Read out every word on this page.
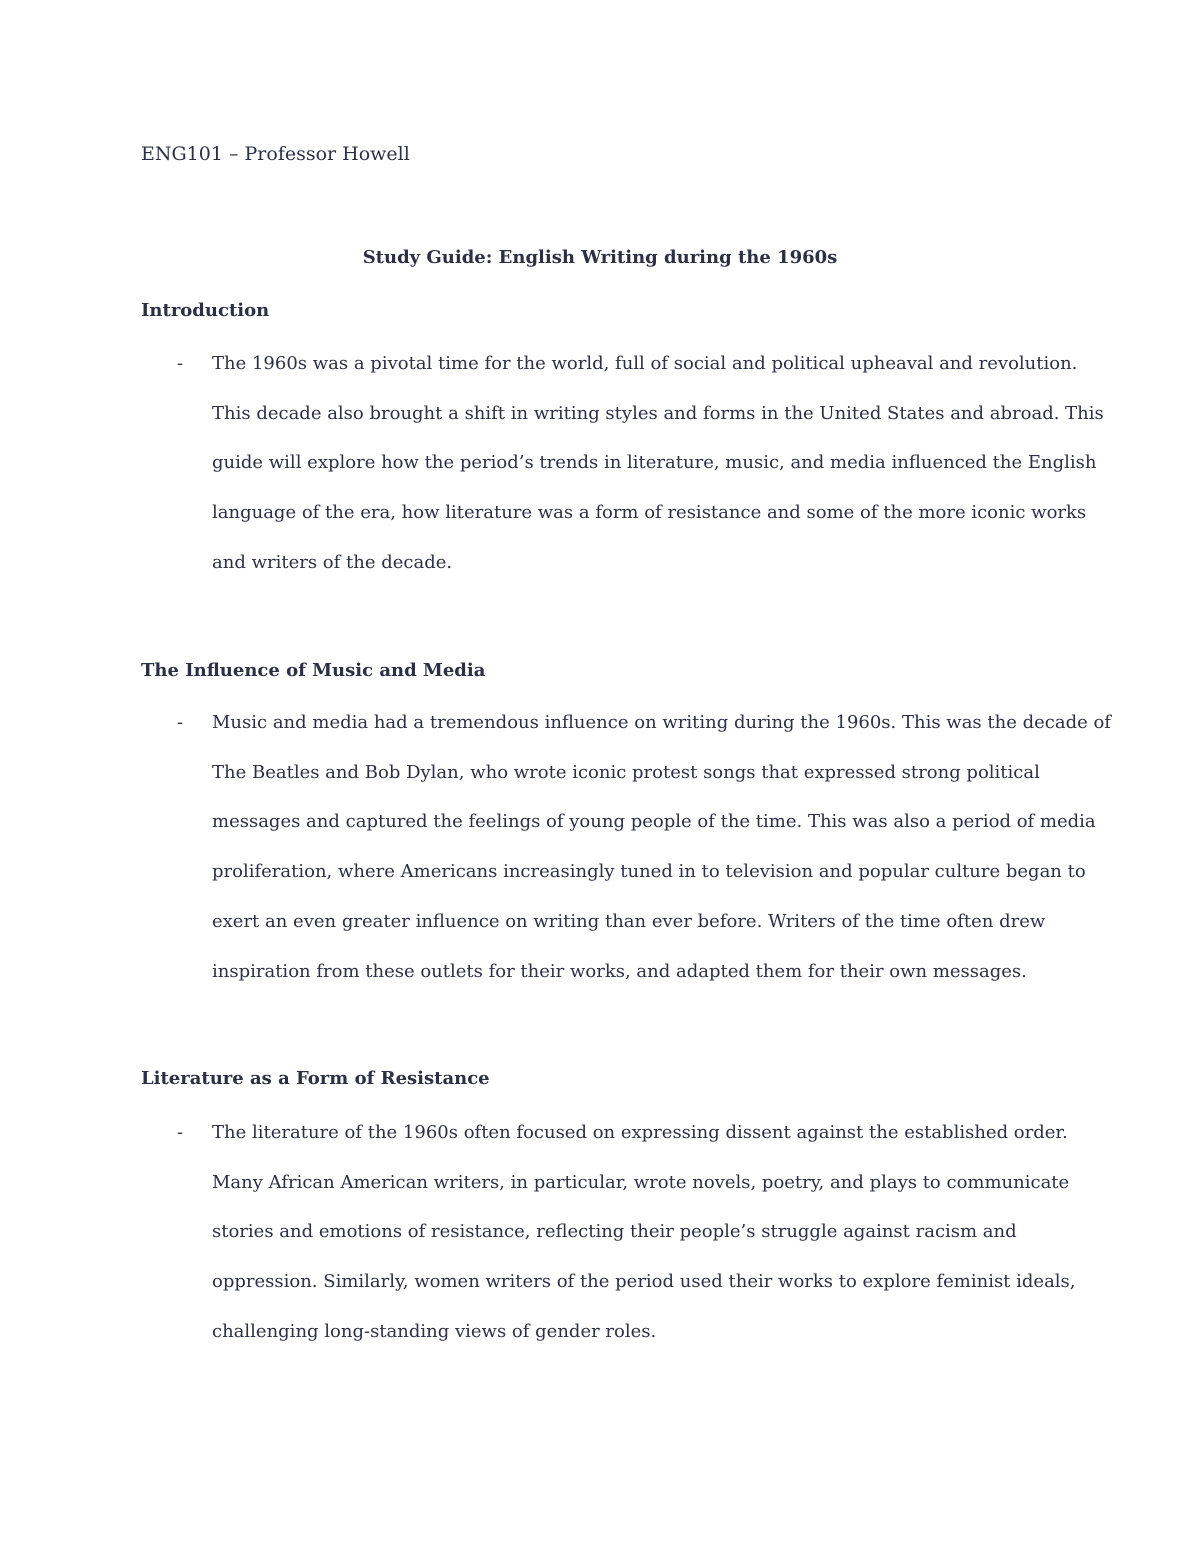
ENG101 – Professor Howell
Study Guide: English Writing during the 1960s
Introduction
- The 1960s was a pivotal time for the world, full of social and political upheaval and revolution.
This decade also brought a shift in writing styles and forms in the United States and abroad. This
guide will explore how the period’s trends in literature, music, and media influenced the English
language of the era, how literature was a form of resistance and some of the more iconic works
and writers of the decade.
The Influence of Music and Media
- Music and media had a tremendous influence on writing during the 1960s. This was the decade of
The Beatles and Bob Dylan, who wrote iconic protest songs that expressed strong political
messages and captured the feelings of young people of the time. This was also a period of media
proliferation, where Americans increasingly tuned in to television and popular culture began to
exert an even greater influence on writing than ever before. Writers of the time often drew
inspiration from these outlets for their works, and adapted them for their own messages.
Literature as a Form of Resistance
- The literature of the 1960s often focused on expressing dissent against the established order.
Many African American writers, in particular, wrote novels, poetry, and plays to communicate
stories and emotions of resistance, reflecting their people’s struggle against racism and
oppression. Similarly, women writers of the period used their works to explore feminist ideals,
challenging long-standing views of gender roles.
